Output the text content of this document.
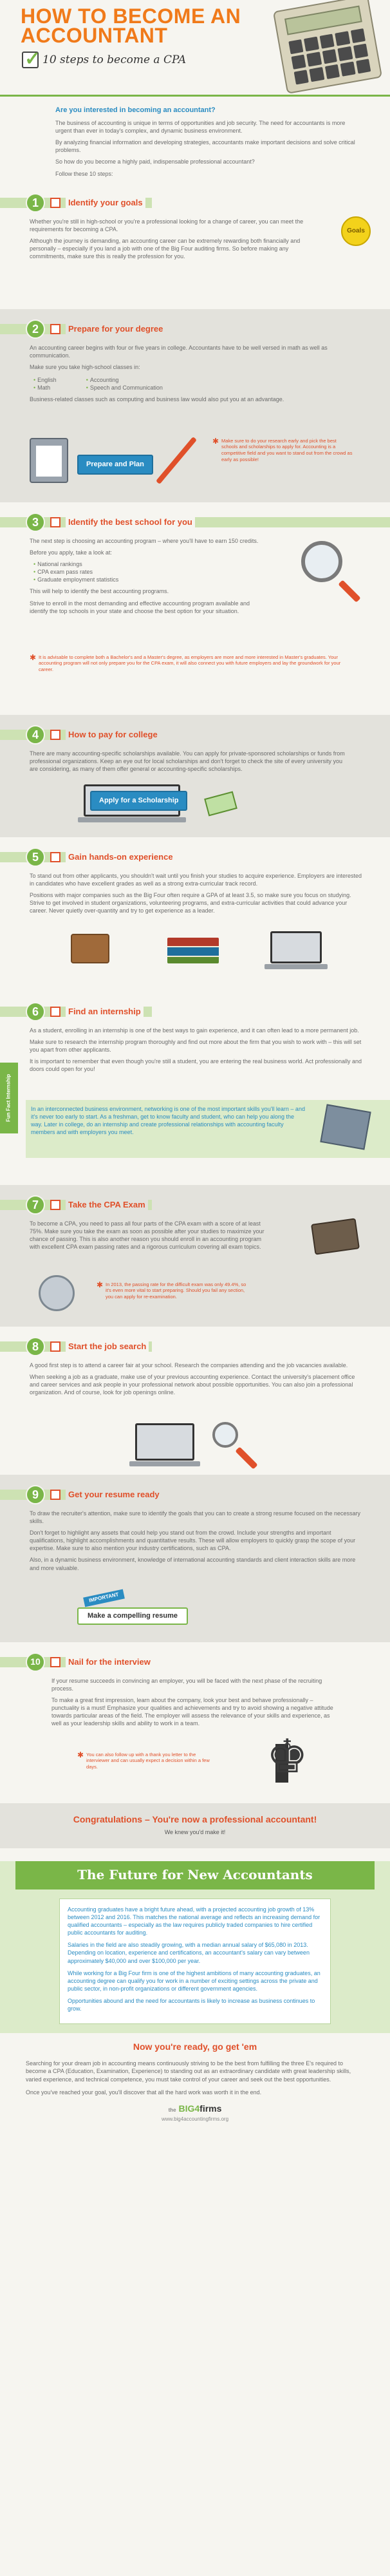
HOW TO BECOME AN
ACCOUNTANT
✓
10 steps to become a CPA

Are you interested in becoming an accountant?

The business of accounting is unique in terms of opportunities and job security. The need for accountants is more urgent than ever in today's complex, and dynamic business environment.

By analyzing financial information and developing strategies, accountants make important decisions and solve critical problems.

So how do you become a highly paid, indispensable professional accountant?

Follow these 10 steps:

1	Identify your goals

Whether you're still in high-school or you're a professional looking for a change of career, you can meet the requirements for becoming a CPA.

Although the journey is demanding, an accounting career can be extremely rewarding both financially and personally – especially if you land a job with one of the Big Four auditing firms. So before making any commitments, make sure this is really the profession for you.

Goals
2	Prepare for your degree

An accounting career begins with four or five years in college. Accountants have to be well versed in math as well as communication.

Make sure you take high-school classes in:

• English
• Math
• Accounting
• Speech and Communication

Business-related classes such as computing and business law would also put you at an advantage.

Prepare and Plan
✱ Make sure to do your research early and pick the best schools and scholarships to apply for. Accounting is a competitive field and you want to stand out from the crowd as early as possible!
3	Identify the best school for you

The next step is choosing an accounting program – where you'll have to earn 150 credits.

Before you apply, take a look at:

• National rankings
• CPA exam pass rates
• Graduate employment statistics

This will help to identify the best accounting programs.

Strive to enroll in the most demanding and effective accounting program available and identify the top schools in your state and choose the best option for your situation.

✱ It is advisable to complete both a Bachelor's and a Master's degree, as employers are more and more interested in Master's graduates. Your accounting program will not only prepare you for the CPA exam, it will also connect you with future employers and lay the groundwork for your career.
4	How to pay for college

There are many accounting-specific scholarships available. You can apply for private-sponsored scholarships or funds from professional organizations. Keep an eye out for local scholarships and don't forget to check the site of every university you are considering, as many of them offer general or accounting-specific scholarships.

Apply for a Scholarship
5	Gain hands-on experience

To stand out from other applicants, you shouldn't wait until you finish your studies to acquire experience. Employers are interested in candidates who have excellent grades as well as a strong extra-curricular track record.

Positions with major companies such as the Big Four often require a GPA of at least 3.5, so make sure you focus on studying. Strive to get involved in student organizations, volunteering programs, and extra-curricular activities that could advance your career. Never quietly over-quantity and try to get experience as a leader.

6	Find an internship

As a student, enrolling in an internship is one of the best ways to gain experience, and it can often lead to a more permanent job.

Make sure to research the internship program thoroughly and find out more about the firm that you wish to work with – this will set you apart from other applicants.

It is important to remember that even though you're still a student, you are entering the real business world. Act professionally and doors could open for you!

Fun Fact Internship	In an interconnected business environment, networking is one of the most important skills you'll learn – and it's never too early to start. As a freshman, get to know faculty and student, who can help you along the way. Later in college, do an internship and create professional relationships with accounting faculty members and with employers you meet.

7	Take the CPA Exam

To become a CPA, you need to pass all four parts of the CPA exam with a score of at least 75%. Make sure you take the exam as soon as possible after your studies to maximize your chance of passing. This is also another reason you should enroll in an accounting program with excellent CPA exam passing rates and a rigorous curriculum covering all exam topics.

✱ In 2013, the passing rate for the difficult exam was only 49.4%, so it's even more vital to start preparing. Should you fail any section, you can apply for re-examination.
8	Start the job search

A good first step is to attend a career fair at your school. Research the companies attending and the job vacancies available.

When seeking a job as a graduate, make use of your previous accounting experience. Contact the university's placement office and career services and ask people in your professional network about possible opportunities. You can also join a professional organization. And of course, look for job openings online.

9	Get your resume ready

To draw the recruiter's attention, make sure to identify the goals that you can to create a strong resume focused on the necessary skills.

Don't forget to highlight any assets that could help you stand out from the crowd. Include your strengths and important qualifications, highlight accomplishments and quantitative results. These will allow employers to quickly grasp the scope of your expertise. Make sure to also mention your industry certifications, such as CPA.

Also, in a dynamic business environment, knowledge of international accounting standards and client interaction skills are more and more valuable.

IMPORTANT
Make a compelling resume
10	Nail for the interview

If your resume succeeds in convincing an employer, you will be faced with the next phase of the recruiting process.

To make a great first impression, learn about the company, look your best and behave professionally – punctuality is a must! Emphasize your qualities and achievements and try to avoid showing a negative attitude towards particular areas of the field. The employer will assess the relevance of your skills and experience, as well as your leadership skills and ability to work in a team.

✱ You can also follow up with a thank you letter to the interviewer and can usually expect a decision within a few days.
♚

Congratulations – You're now a professional accountant!

We knew you'd make it!

The Future for New Accountants

Accounting graduates have a bright future ahead, with a projected accounting job growth of 13% between 2012 and 2016. This matches the national average and reflects an increasing demand for qualified accountants – especially as the law requires publicly traded companies to hire certified public accountants for auditing.

Salaries in the field are also steadily growing, with a median annual salary of $65,080 in 2013. Depending on location, experience and certifications, an accountant's salary can vary between approximately $40,000 and over $100,000 per year.

While working for a Big Four firm is one of the highest ambitions of many accounting graduates, an accounting degree can qualify you for work in a number of exciting settings across the private and public sector, in non-profit organizations or different government agencies.

Opportunities abound and the need for accountants is likely to increase as business continues to grow.

Now you're ready, go get 'em

Searching for your dream job in accounting means continuously striving to be the best from fulfilling the three E's required to become a CPA (Education, Examination, Experience) to standing out as an extraordinary candidate with great leadership skills, varied experience, and technical competence, you must take control of your career and seek out the best opportunities.

Once you've reached your goal, you'll discover that all the hard work was worth it in the end.

the BIG4firms

www.big4accountingfirms.org
